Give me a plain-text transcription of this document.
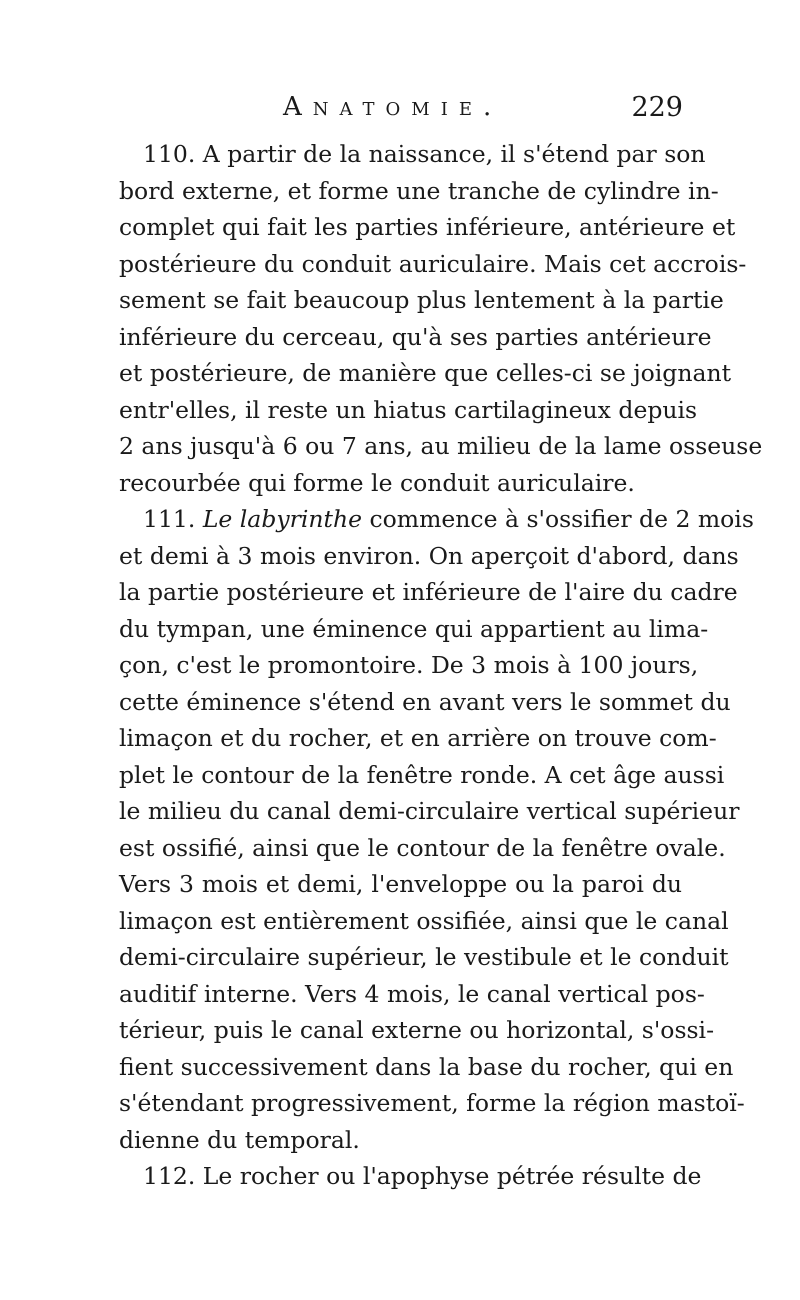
Anatomie.	229
110. A partir de la naissance, il s'étend par son
bord externe, et forme une tranche de cylindre in-
complet qui fait les parties inférieure, antérieure et
postérieure du conduit auriculaire. Mais cet accrois-
sement se fait beaucoup plus lentement à la partie
inférieure du cerceau, qu'à ses parties antérieure
et postérieure, de manière que celles-ci se joignant
entr'elles, il reste un hiatus cartilagineux depuis
2 ans jusqu'à 6 ou 7 ans, au milieu de la lame osseuse
recourbée qui forme le conduit auriculaire.
111. Le labyrinthe commence à s'ossifier de 2 mois
et demi à 3 mois environ. On aperçoit d'abord, dans
la partie postérieure et inférieure de l'aire du cadre
du tympan, une éminence qui appartient au lima-
çon, c'est le promontoire. De 3 mois à 100 jours,
cette éminence s'étend en avant vers le sommet du
limaçon et du rocher, et en arrière on trouve com-
plet le contour de la fenêtre ronde. A cet âge aussi
le milieu du canal demi-circulaire vertical supérieur
est ossifié, ainsi que le contour de la fenêtre ovale.
Vers 3 mois et demi, l'enveloppe ou la paroi du
limaçon est entièrement ossifiée, ainsi que le canal
demi-circulaire supérieur, le vestibule et le conduit
auditif interne. Vers 4 mois, le canal vertical pos-
térieur, puis le canal externe ou horizontal, s'ossi-
fient successivement dans la base du rocher, qui en
s'étendant progressivement, forme la région mastoï-
dienne du temporal.
112. Le rocher ou l'apophyse pétrée résulte de
